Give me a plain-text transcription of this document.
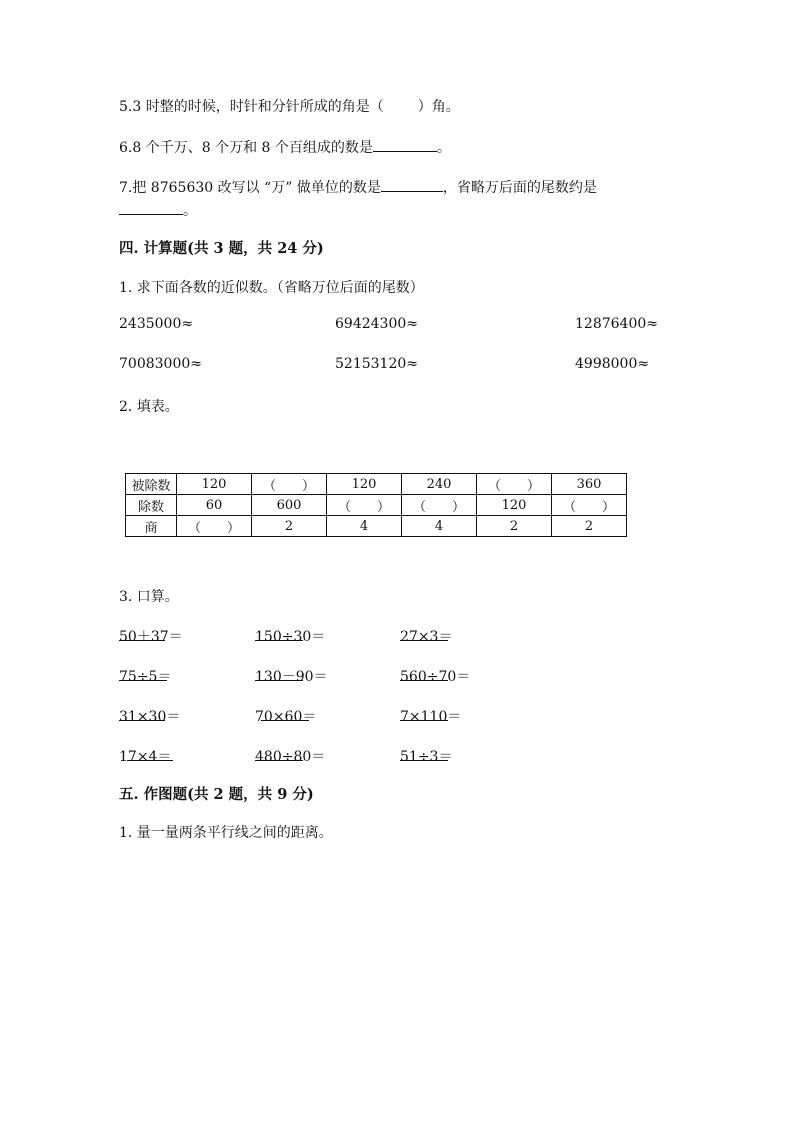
5.3 时整的时候，时针和分针所成的角是（ ）角。
6.8 个千万、8 个万和 8 个百组成的数是	。
7.把 8765630 改写以 “万” 做单位的数是	，省略万后面的尾数约是
。
四. 计算题(共 3 题，共 24 分)
1. 求下面各数的近似数。（省略万位后面的尾数）
2435000≈	69424300≈	12876400≈
70083000≈	52153120≈	4998000≈
2. 填表。
被除数	120	（　　）	120	240	（　　）	360
除数	60	600	（　　）	（　　）	120	（　　）
商	（　　）	2	4	4	2	2
3. 口算。
50＋37＝	150÷30＝	27×3＝
75÷5＝	130－90＝	560÷70＝
31×30＝	70×60＝	7×110＝
17×4＝	480÷80＝	51÷3＝
五. 作图题(共 2 题，共 9 分)
1. 量一量两条平行线之间的距离。
